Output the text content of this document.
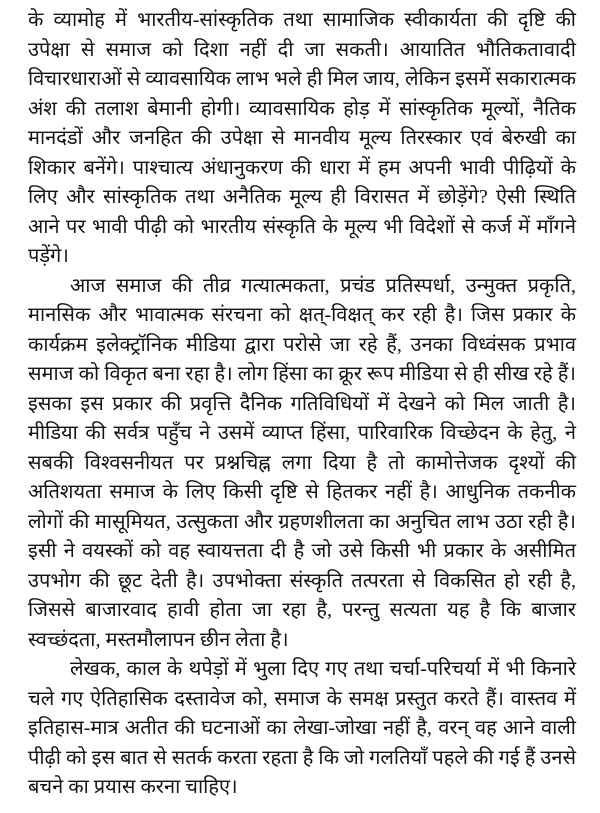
के व्यामोह में भारतीय-सांस्कृतिक तथा सामाजिक स्वीकार्यता की दृष्टि की उपेक्षा से समाज को दिशा नहीं दी जा सकती। आयातित भौतिकतावादी विचारधाराओं से व्यावसायिक लाभ भले ही मिल जाय, लेकिन इसमें सकारात्मक अंश की तलाश बेमानी होगी। व्यावसायिक होड़ में सांस्कृतिक मूल्यों, नैतिक मानदंडों और जनहित की उपेक्षा से मानवीय मूल्य तिरस्कार एवं बेरुखी का शिकार बनेंगे। पाश्चात्य अंधानुकरण की धारा में हम अपनी भावी पीढ़ियों के लिए और सांस्कृतिक तथा अनैतिक मूल्य ही विरासत में छोड़ेंगे? ऐसी स्थिति आने पर भावी पीढ़ी को भारतीय संस्कृति के मूल्य भी विदेशों से कर्ज में माँगने पड़ेंगे।

आज समाज की तीव्र गत्यात्मकता, प्रचंड प्रतिस्पर्धा, उन्मुक्त प्रकृति, मानसिक और भावात्मक संरचना को क्षत्-विक्षत् कर रही है। जिस प्रकार के कार्यक्रम इलेक्ट्रॉनिक मीडिया द्वारा परोसे जा रहे हैं, उनका विध्वंसक प्रभाव समाज को विकृत बना रहा है। लोग हिंसा का क्रूर रूप मीडिया से ही सीख रहे हैं। इसका इस प्रकार की प्रवृत्ति दैनिक गतिविधियों में देखने को मिल जाती है। मीडिया की सर्वत्र पहुँच ने उसमें व्याप्त हिंसा, पारिवारिक विच्छेदन के हेतु, ने सबकी विश्वसनीयत पर प्रश्नचिह्न लगा दिया है तो कामोत्तेजक दृश्यों की अतिशयता समाज के लिए किसी दृष्टि से हितकर नहीं है। आधुनिक तकनीक लोगों की मासूमियत, उत्सुकता और ग्रहणशीलता का अनुचित लाभ उठा रही है। इसी ने वयस्कों को वह स्वायत्तता दी है जो उसे किसी भी प्रकार के असीमित उपभोग की छूट देती है। उपभोक्ता संस्कृति तत्परता से विकसित हो रही है, जिससे बाजारवाद हावी होता जा रहा है, परन्तु सत्यता यह है कि बाजार स्वच्छंदता, मस्तमौलापन छीन लेता है।

लेखक, काल के थपेड़ों में भुला दिए गए तथा चर्चा-परिचर्या में भी किनारे चले गए ऐतिहासिक दस्तावेज को, समाज के समक्ष प्रस्तुत करते हैं। वास्तव में इतिहास-मात्र अतीत की घटनाओं का लेखा-जोखा नहीं है, वरन् वह आने वाली पीढ़ी को इस बात से सतर्क करता रहता है कि जो गलतियाँ पहले की गई हैं उनसे बचने का प्रयास करना चाहिए।
